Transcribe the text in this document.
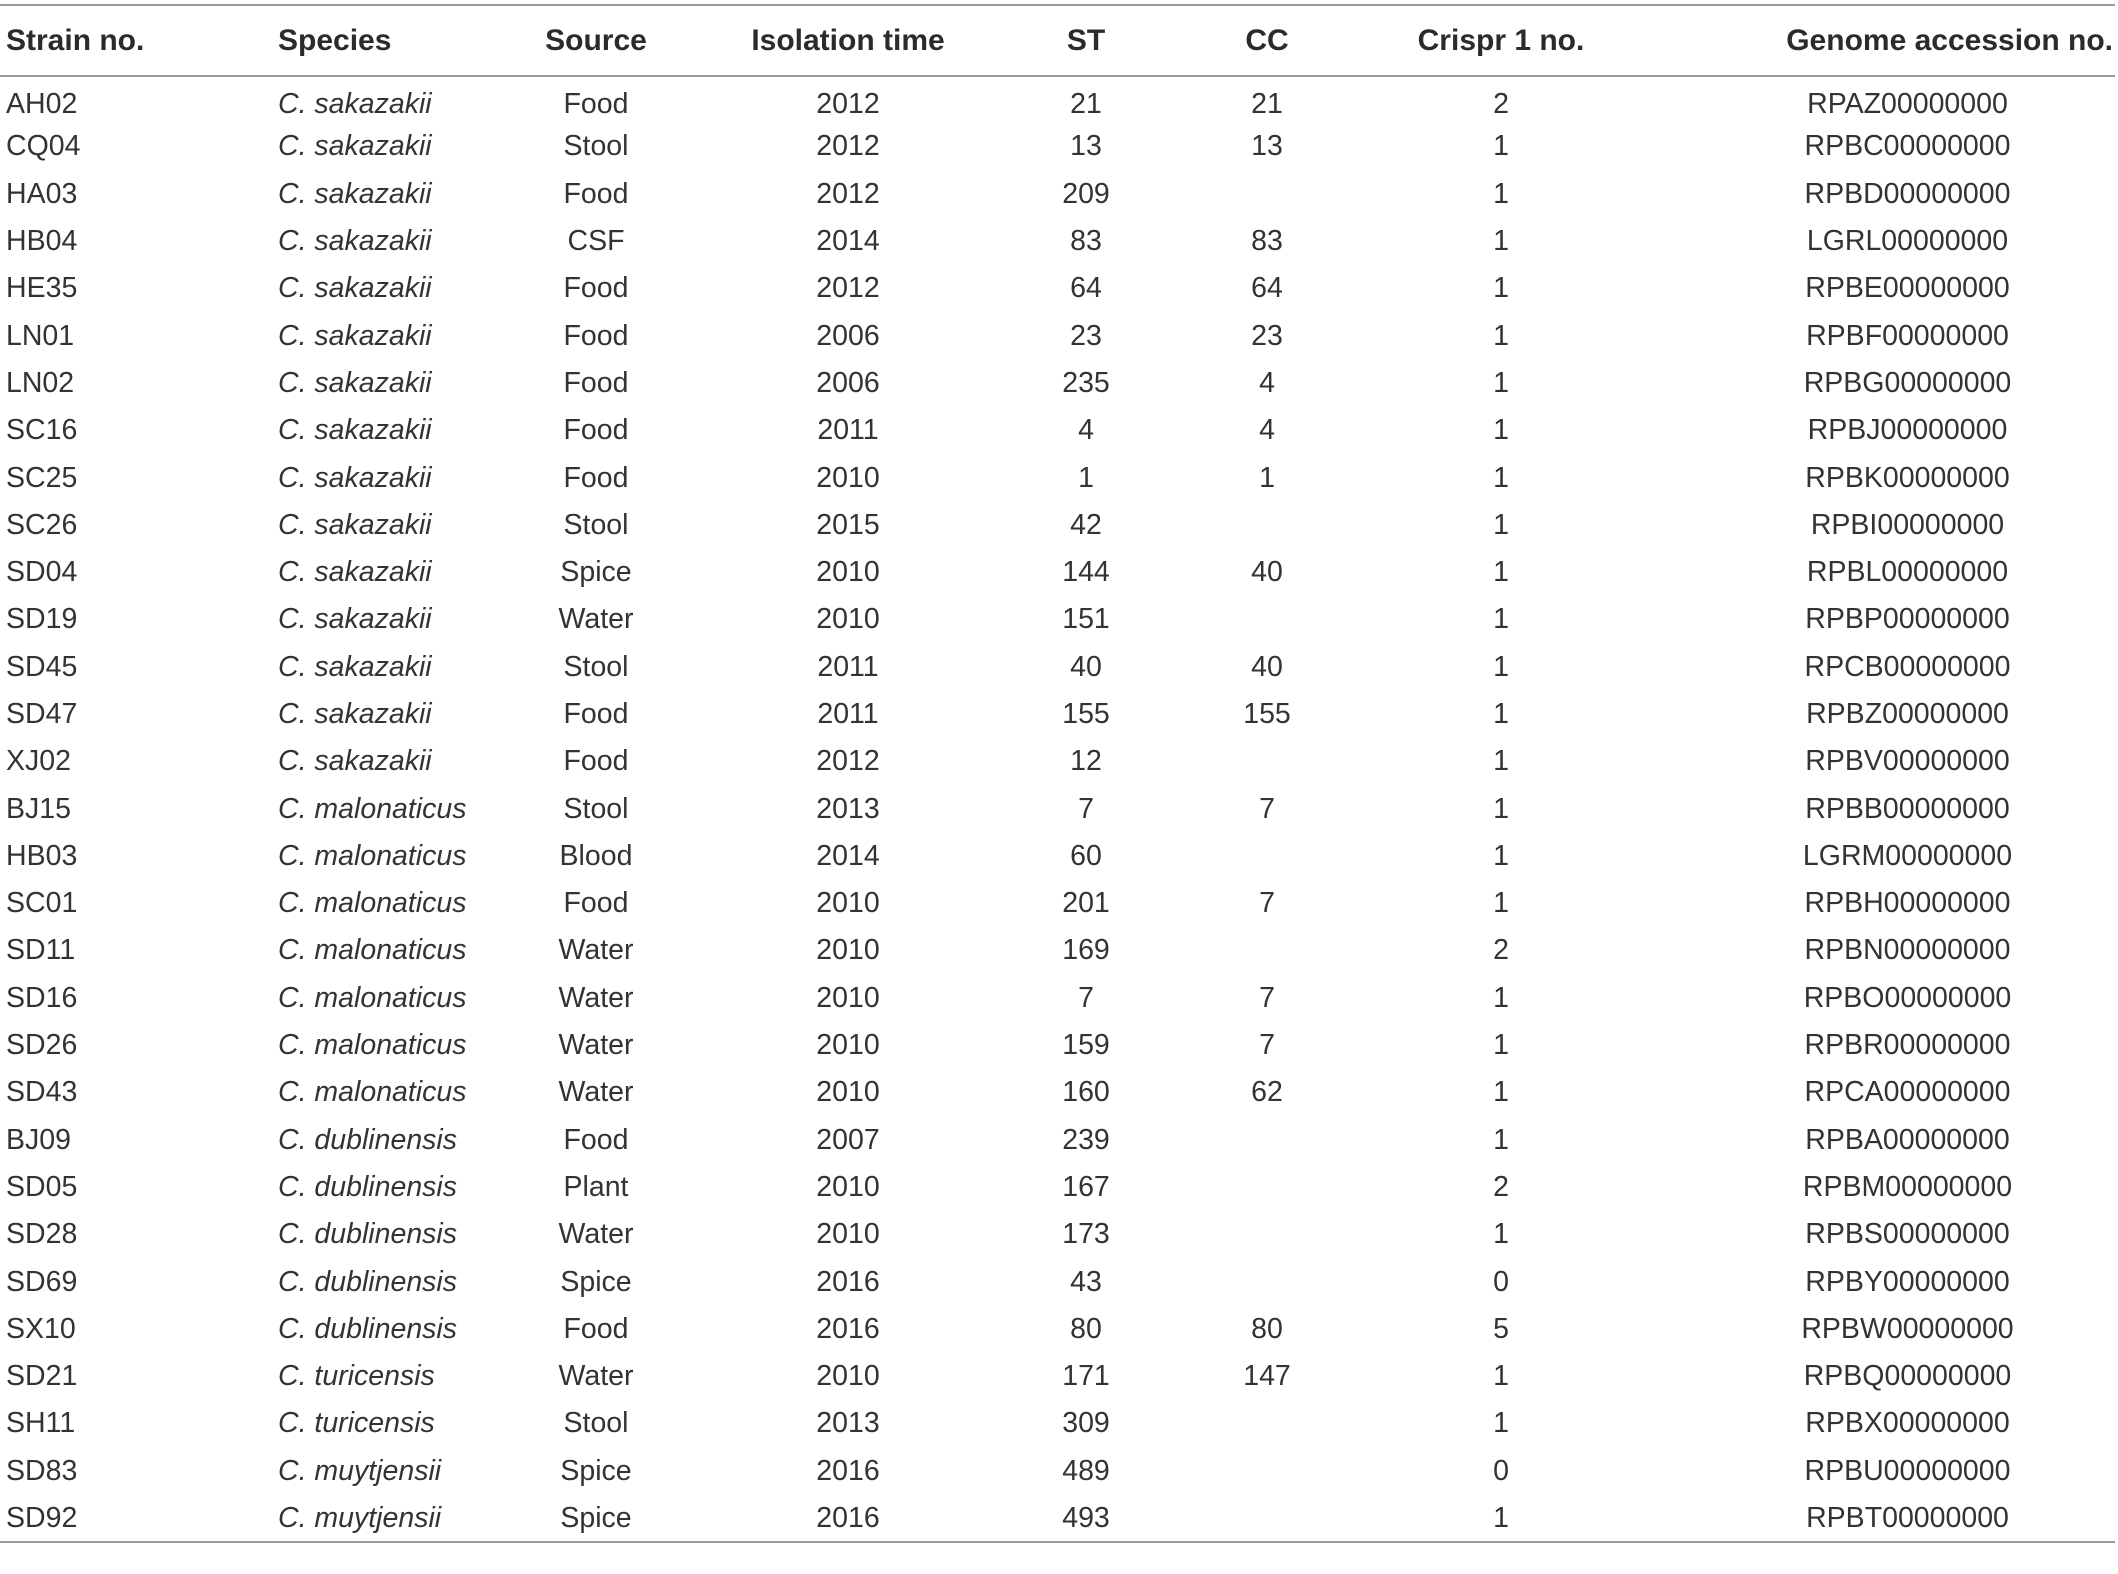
Strain no.	Species	Source	Isolation time	ST	CC	Crispr 1 no.	Genome accession no.
AH02	C. sakazakii	Food	2012	21	21	2	RPAZ00000000
CQ04	C. sakazakii	Stool	2012	13	13	1	RPBC00000000
HA03	C. sakazakii	Food	2012	209		1	RPBD00000000
HB04	C. sakazakii	CSF	2014	83	83	1	LGRL00000000
HE35	C. sakazakii	Food	2012	64	64	1	RPBE00000000
LN01	C. sakazakii	Food	2006	23	23	1	RPBF00000000
LN02	C. sakazakii	Food	2006	235	4	1	RPBG00000000
SC16	C. sakazakii	Food	2011	4	4	1	RPBJ00000000
SC25	C. sakazakii	Food	2010	1	1	1	RPBK00000000
SC26	C. sakazakii	Stool	2015	42		1	RPBI00000000
SD04	C. sakazakii	Spice	2010	144	40	1	RPBL00000000
SD19	C. sakazakii	Water	2010	151		1	RPBP00000000
SD45	C. sakazakii	Stool	2011	40	40	1	RPCB00000000
SD47	C. sakazakii	Food	2011	155	155	1	RPBZ00000000
XJ02	C. sakazakii	Food	2012	12		1	RPBV00000000
BJ15	C. malonaticus	Stool	2013	7	7	1	RPBB00000000
HB03	C. malonaticus	Blood	2014	60		1	LGRM00000000
SC01	C. malonaticus	Food	2010	201	7	1	RPBH00000000
SD11	C. malonaticus	Water	2010	169		2	RPBN00000000
SD16	C. malonaticus	Water	2010	7	7	1	RPBO00000000
SD26	C. malonaticus	Water	2010	159	7	1	RPBR00000000
SD43	C. malonaticus	Water	2010	160	62	1	RPCA00000000
BJ09	C. dublinensis	Food	2007	239		1	RPBA00000000
SD05	C. dublinensis	Plant	2010	167		2	RPBM00000000
SD28	C. dublinensis	Water	2010	173		1	RPBS00000000
SD69	C. dublinensis	Spice	2016	43		0	RPBY00000000
SX10	C. dublinensis	Food	2016	80	80	5	RPBW00000000
SD21	C. turicensis	Water	2010	171	147	1	RPBQ00000000
SH11	C. turicensis	Stool	2013	309		1	RPBX00000000
SD83	C. muytjensii	Spice	2016	489		0	RPBU00000000
SD92	C. muytjensii	Spice	2016	493		1	RPBT00000000
